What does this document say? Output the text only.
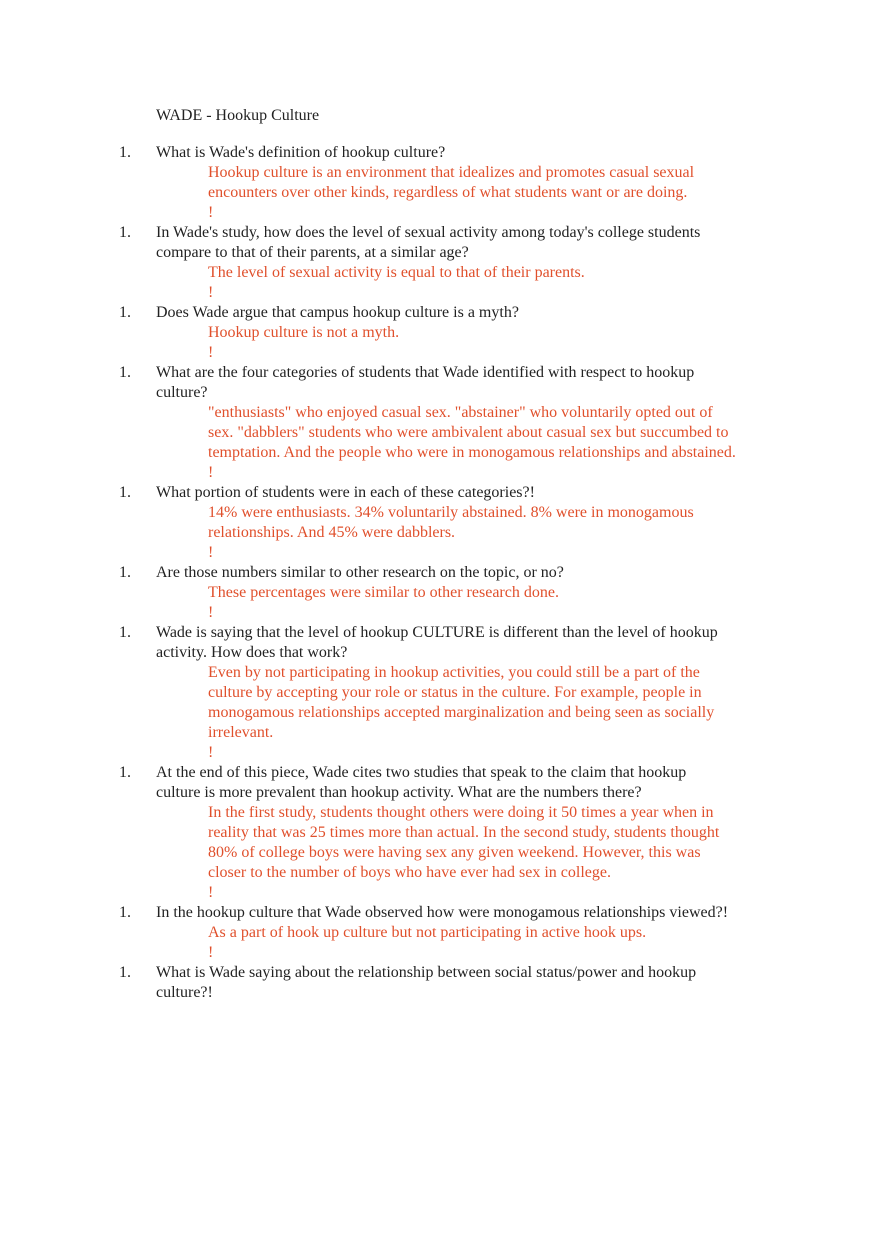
WADE - Hookup Culture
1. What is Wade's definition of hookup culture?
Hookup culture is an environment that idealizes and promotes casual sexual
encounters over other kinds, regardless of what students want or are doing.
!
1. In Wade's study, how does the level of sexual activity among today's college students
compare to that of their parents, at a similar age?
The level of sexual activity is equal to that of their parents.
!
1. Does Wade argue that campus hookup culture is a myth?
Hookup culture is not a myth.
!
1. What are the four categories of students that Wade identified with respect to hookup
culture?
"enthusiasts" who enjoyed casual sex. "abstainer" who voluntarily opted out of
sex. "dabblers" students who were ambivalent about casual sex but succumbed to
temptation. And the people who were in monogamous relationships and abstained.
!
1. What portion of students were in each of these categories?!
14% were enthusiasts. 34% voluntarily abstained. 8% were in monogamous
relationships. And 45% were dabblers.
!
1. Are those numbers similar to other research on the topic, or no?
These percentages were similar to other research done.
!
1. Wade is saying that the level of hookup CULTURE is different than the level of hookup
activity. How does that work?
Even by not participating in hookup activities, you could still be a part of the
culture by accepting your role or status in the culture. For example, people in
monogamous relationships accepted marginalization and being seen as socially
irrelevant.
!
1. At the end of this piece, Wade cites two studies that speak to the claim that hookup
culture is more prevalent than hookup activity. What are the numbers there?
In the first study, students thought others were doing it 50 times a year when in
reality that was 25 times more than actual. In the second study, students thought
80% of college boys were having sex any given weekend. However, this was
closer to the number of boys who have ever had sex in college.
!
1. In the hookup culture that Wade observed how were monogamous relationships viewed?!
As a part of hook up culture but not participating in active hook ups.
!
1. What is Wade saying about the relationship between social status/power and hookup
culture?!
